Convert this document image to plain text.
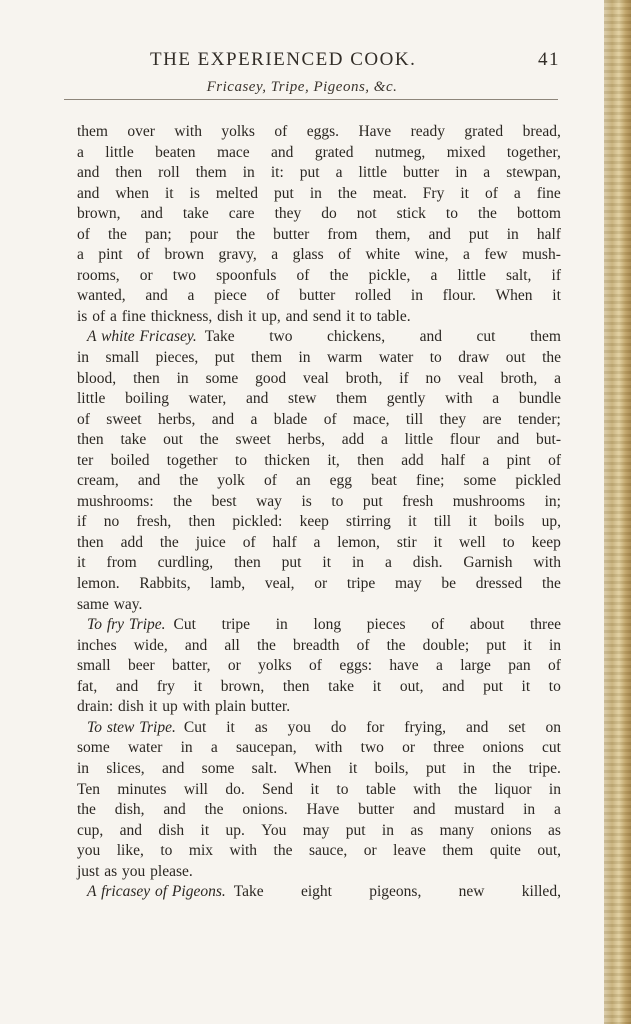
THE EXPERIENCED COOK.	41
Fricasey, Tripe, Pigeons, &c.
them over with yolks of eggs. Have ready grated bread,
a little beaten mace and grated nutmeg, mixed together,
and then roll them in it: put a little butter in a stewpan,
and when it is melted put in the meat. Fry it of a fine
brown, and take care they do not stick to the bottom
of the pan; pour the butter from them, and put in half
a pint of brown gravy, a glass of white wine, a few mush-
rooms, or two spoonfuls of the pickle, a little salt, if
wanted, and a piece of butter rolled in flour. When it
is of a fine thickness, dish it up, and send it to table.
A white Fricasey. Take two chickens, and cut them
in small pieces, put them in warm water to draw out the
blood, then in some good veal broth, if no veal broth, a
little boiling water, and stew them gently with a bundle
of sweet herbs, and a blade of mace, till they are tender;
then take out the sweet herbs, add a little flour and but-
ter boiled together to thicken it, then add half a pint of
cream, and the yolk of an egg beat fine; some pickled
mushrooms: the best way is to put fresh mushrooms in;
if no fresh, then pickled: keep stirring it till it boils up,
then add the juice of half a lemon, stir it well to keep
it from curdling, then put it in a dish. Garnish with
lemon. Rabbits, lamb, veal, or tripe may be dressed the
same way.
To fry Tripe. Cut tripe in long pieces of about three
inches wide, and all the breadth of the double; put it in
small beer batter, or yolks of eggs: have a large pan of
fat, and fry it brown, then take it out, and put it to
drain: dish it up with plain butter.
To stew Tripe. Cut it as you do for frying, and set on
some water in a saucepan, with two or three onions cut
in slices, and some salt. When it boils, put in the tripe.
Ten minutes will do. Send it to table with the liquor in
the dish, and the onions. Have butter and mustard in a
cup, and dish it up. You may put in as many onions as
you like, to mix with the sauce, or leave them quite out,
just as you please.
A fricasey of Pigeons. Take eight pigeons, new killed,
